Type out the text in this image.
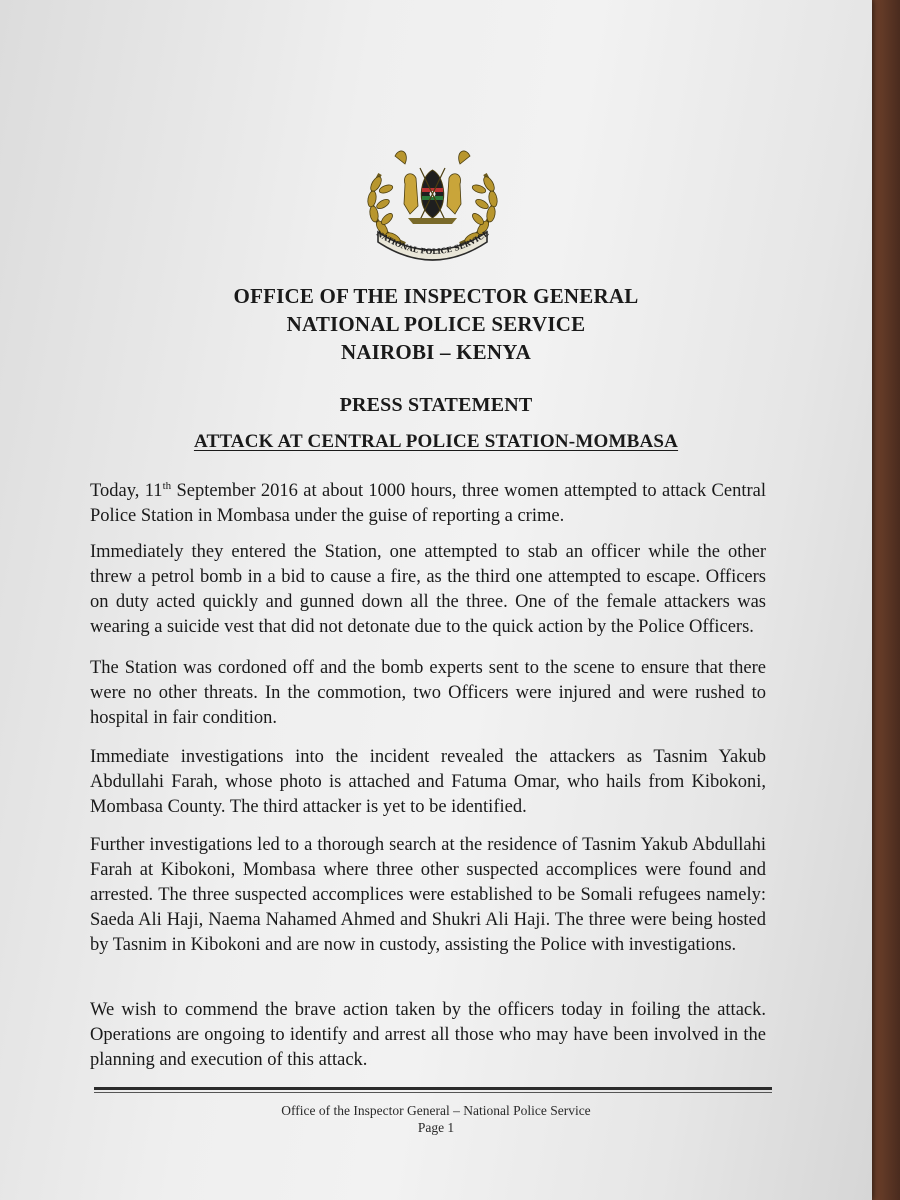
NATIONAL POLICE SERVICE
OFFICE OF THE INSPECTOR GENERAL
NATIONAL POLICE SERVICE
NAIROBI – KENYA
PRESS STATEMENT
ATTACK AT CENTRAL POLICE STATION-MOMBASA

Today, 11th September 2016 at about 1000 hours, three women attempted to attack Central Police Station in Mombasa under the guise of reporting a crime.

Immediately they entered the Station, one attempted to stab an officer while the other threw a petrol bomb in a bid to cause a fire, as the third one attempted to escape. Officers on duty acted quickly and gunned down all the three. One of the female attackers was wearing a suicide vest that did not detonate due to the quick action by the Police Officers.

The Station was cordoned off and the bomb experts sent to the scene to ensure that there were no other threats. In the commotion, two Officers were injured and were rushed to hospital in fair condition.

Immediate investigations into the incident revealed the attackers as Tasnim Yakub Abdullahi Farah, whose photo is attached and Fatuma Omar, who hails from Kibokoni, Mombasa County. The third attacker is yet to be identified.

Further investigations led to a thorough search at the residence of Tasnim Yakub Abdullahi Farah at Kibokoni, Mombasa where three other suspected accomplices were found and arrested. The three suspected accomplices were established to be Somali refugees namely: Saeda Ali Haji, Naema Nahamed Ahmed and Shukri Ali Haji. The three were being hosted by Tasnim in Kibokoni and are now in custody, assisting the Police with investigations.

We wish to commend the brave action taken by the officers today in foiling the attack. Operations are ongoing to identify and arrest all those who may have been involved in the planning and execution of this attack.

Office of the Inspector General – National Police Service
Page 1
